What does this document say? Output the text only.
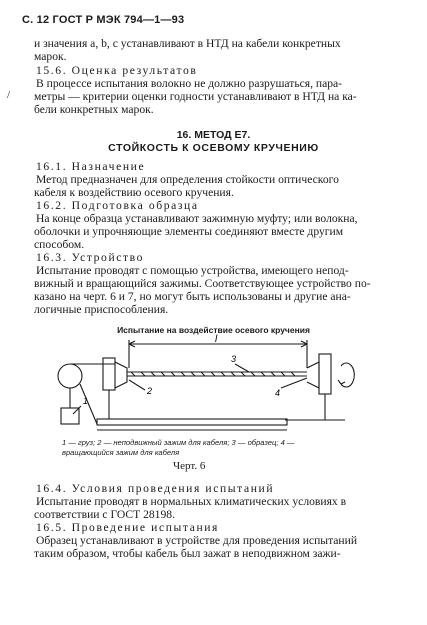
С. 12 ГОСТ Р МЭК 794—1—93
и значения a, b, c устанавливают в НТД на кабели конкретных
марок.
15.6. Оценка результатов
В процессе испытания волокно не должно разрушаться, пара-
/ метры — критерии оценки годности устанавливают в НТД на ка-
бели конкретных марок.
16. МЕТОД Е7.
СТОЙКОСТЬ К ОСЕВОМУ КРУЧЕНИЮ
16.1. Назначение
Метод предназначен для определения стойкости оптического
кабеля к воздействию осевого кручения.
16.2. Подготовка образца
На конце образца устанавливают зажимную муфту; или волокна,
оболочки и упрочняющие элементы соединяют вместе другим
способом.
16.3. Устройство
Испытание проводят с помощью устройства, имеющего непод-
вижный и вращающийся зажимы. Соответствующее устройство по-
казано на черт. 6 и 7, но могут быть использованы и другие ана-
логичные приспособления.
Испытание на воздействие осевого кручения
l
3
2	4
1
1 — груз; 2 — неподвижный зажим для кабеля; 3 — образец; 4 —
вращающийся зажим для кабеля
Черт. 6
16.4. Условия проведения испытаний
Испытание проводят в нормальных климатических условиях в
соответствии с ГОСТ 28198.
16.5. Проведение испытания
Образец устанавливают в устройстве для проведения испытаний
таким образом, чтобы кабель был зажат в неподвижном зажи-
